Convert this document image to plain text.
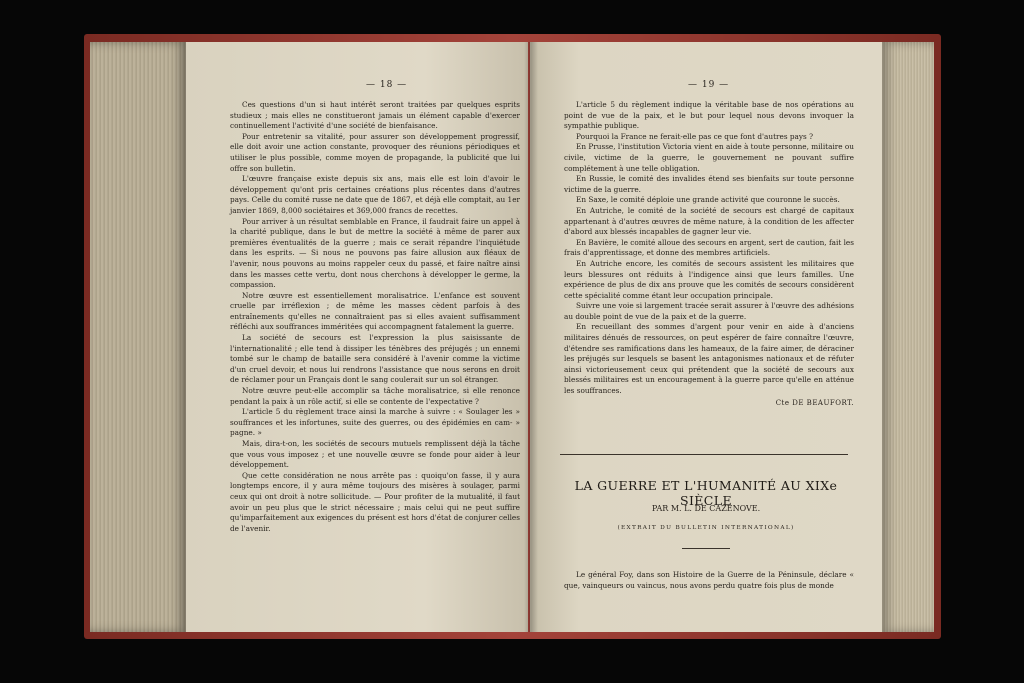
— 18 —

Ces questions d'un si haut intérêt seront traitées par quelques esprits studieux ; mais elles ne constitueront jamais un élément capable d'exercer continuellement l'activité d'une société de bienfaisance.

Pour entretenir sa vitalité, pour assurer son développement progressif, elle doit avoir une action constante, provoquer des réunions périodiques et utiliser le plus possible, comme moyen de propagande, la publicité que lui offre son bulletin.

L'œuvre française existe depuis six ans, mais elle est loin d'avoir le développement qu'ont pris certaines créations plus récentes dans d'autres pays. Celle du comité russe ne date que de 1867, et déjà elle comptait, au 1er janvier 1869, 8,000 sociétaires et 369,000 francs de recettes.

Pour arriver à un résultat semblable en France, il faudrait faire un appel à la charité publique, dans le but de mettre la société à même de parer aux premières éventualités de la guerre ; mais ce serait répandre l'inquiétude dans les esprits. — Si nous ne pouvons pas faire allusion aux fléaux de l'avenir, nous pouvons au moins rappeler ceux du passé, et faire naître ainsi dans les masses cette vertu, dont nous cherchons à développer le germe, la compassion.

Notre œuvre est essentiellement moralisatrice. L'enfance est souvent cruelle par irréflexion ; de même les masses cèdent parfois à des entraînements qu'elles ne connaîtraient pas si elles avaient suffisamment réfléchi aux souffrances imméritées qui accompagnent fatalement la guerre.

La société de secours est l'expression la plus saisissante de l'internationalité ; elle tend à dissiper les ténèbres des préjugés ; un ennemi tombé sur le champ de bataille sera considéré à l'avenir comme la victime d'un cruel devoir, et nous lui rendrons l'assistance que nous serons en droit de réclamer pour un Français dont le sang coulerait sur un sol étranger.

Notre œuvre peut-elle accomplir sa tâche moralisatrice, si elle renonce pendant la paix à un rôle actif, si elle se contente de l'expectative ?

L'article 5 du règlement trace ainsi la marche à suivre : « Soulager les » souffrances et les infortunes, suite des guerres, ou des épidémies en cam- » pagne. »

Mais, dira-t-on, les sociétés de secours mutuels remplissent déjà la tâche que vous vous imposez ; et une nouvelle œuvre se fonde pour aider à leur développement.

Que cette considération ne nous arrête pas : quoiqu'on fasse, il y aura longtemps encore, il y aura même toujours des misères à soulager, parmi ceux qui ont droit à notre sollicitude. — Pour profiter de la mutualité, il faut avoir un peu plus que le strict nécessaire ; mais celui qui ne peut suffire qu'imparfaitement aux exigences du présent est hors d'état de conjurer celles de l'avenir.

— 19 —

L'article 5 du règlement indique la véritable base de nos opérations au point de vue de la paix, et le but pour lequel nous devons invoquer la sympathie publique.

Pourquoi la France ne ferait-elle pas ce que font d'autres pays ?

En Prusse, l'institution Victoria vient en aide à toute personne, militaire ou civile, victime de la guerre, le gouvernement ne pouvant suffire complétement à une telle obligation.

En Russie, le comité des invalides étend ses bienfaits sur toute personne victime de la guerre.

En Saxe, le comité déploie une grande activité que couronne le succès.

En Autriche, le comité de la société de secours est chargé de capitaux appartenant à d'autres œuvres de même nature, à la condition de les affecter d'abord aux blessés incapables de gagner leur vie.

En Bavière, le comité alloue des secours en argent, sert de caution, fait les frais d'apprentissage, et donne des membres artificiels.

En Autriche encore, les comités de secours assistent les militaires que leurs blessures ont réduits à l'indigence ainsi que leurs familles. Une expérience de plus de dix ans prouve que les comités de secours considèrent cette spécialité comme étant leur occupation principale.

Suivre une voie si largement tracée serait assurer à l'œuvre des adhésions au double point de vue de la paix et de la guerre.

En recueillant des sommes d'argent pour venir en aide à d'anciens militaires dénués de ressources, on peut espérer de faire connaître l'œuvre, d'étendre ses ramifications dans les hameaux, de la faire aimer, de déraciner les préjugés sur lesquels se basent les antagonismes nationaux et de réfuter ainsi victorieusement ceux qui prétendent que la société de secours aux blessés militaires est un encouragement à la guerre parce qu'elle en atténue les souffrances.

Cte DE BEAUFORT.
LA GUERRE ET L'HUMANITÉ AU XIXe SIÈCLE
PAR M. L. DE CAZENOVE.
(EXTRAIT DU BULLETIN INTERNATIONAL)

Le général Foy, dans son Histoire de la Guerre de la Péninsule, déclare « que, vainqueurs ou vaincus, nous avons perdu quatre fois plus de monde
